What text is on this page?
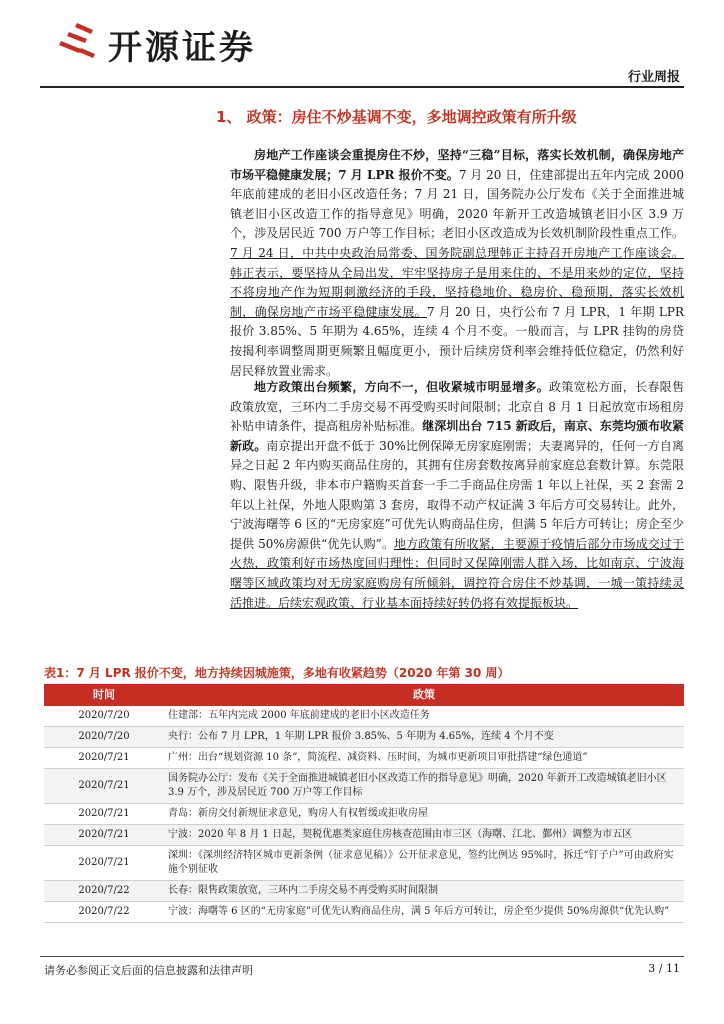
开源证券
行业周报
1、 政策：房住不炒基调不变，多地调控政策有所升级

房地产工作座谈会重提房住不炒，坚持“三稳”目标，落实长效机制，确保房地产市场平稳健康发展；7 月 LPR 报价不变。7 月 20 日，住建部提出五年内完成 2000 年底前建成的老旧小区改造任务；7 月 21 日，国务院办公厅发布《关于全面推进城镇老旧小区改造工作的指导意见》明确，2020 年新开工改造城镇老旧小区 3.9 万个，涉及居民近 700 万户等工作目标；老旧小区改造成为长效机制阶段性重点工作。7 月 24 日，中共中央政治局常委、国务院副总理韩正主持召开房地产工作座谈会。韩正表示，要坚持从全局出发，牢牢坚持房子是用来住的、不是用来炒的定位，坚持不将房地产作为短期刺激经济的手段，坚持稳地价、稳房价、稳预期，落实长效机制，确保房地产市场平稳健康发展。7 月 20 日，央行公布 7 月 LPR，1 年期 LPR 报价 3.85%、5 年期为 4.65%，连续 4 个月不变。一般而言，与 LPR 挂钩的房贷按揭利率调整周期更频繁且幅度更小，预计后续房贷利率会维持低位稳定，仍然利好居民释放置业需求。

地方政策出台频繁，方向不一，但收紧城市明显增多。政策宽松方面，长春限售政策放宽，三环内二手房交易不再受购买时间限制；北京自 8 月 1 日起放宽市场租房补贴申请条件，提高租房补贴标准。继深圳出台 715 新政后，南京、东莞均颁布收紧新政。南京提出开盘不低于 30%比例保障无房家庭刚需；夫妻离异的，任何一方自离异之日起 2 年内购买商品住房的，其拥有住房套数按离异前家庭总套数计算。东莞限购、限售升级，非本市户籍购买首套一手二手商品住房需 1 年以上社保，买 2 套需 2 年以上社保，外地人限购第 3 套房，取得不动产权证满 3 年后方可交易转让。此外，宁波海曙等 6 区的“无房家庭”可优先认购商品住房，但满 5 年后方可转让；房企至少提供 50%房源供“优先认购”。地方政策有所收紧，主要源于疫情后部分市场成交过于火热，政策利好市场热度回归理性；但同时又保障刚需人群入场，比如南京、宁波海曙等区域政策均对无房家庭购房有所倾斜，调控符合房住不炒基调，一城一策持续灵活推进。后续宏观政策、行业基本面持续好转仍将有效提振板块。

表1：7 月 LPR 报价不变，地方持续因城施策，多地有收紧趋势（2020 年第 30 周）
时间	政策
2020/7/20	住建部：五年内完成 2000 年底前建成的老旧小区改造任务
2020/7/20	央行：公布 7 月 LPR，1 年期 LPR 报价 3.85%、5 年期为 4.65%，连续 4 个月不变
2020/7/21	广州：出台“规划资源 10 条”，简流程、减资料、压时间，为城市更新项目审批搭建“绿色通道”
2020/7/21	国务院办公厅：发布《关于全面推进城镇老旧小区改造工作的指导意见》明确，2020 年新开工改造城镇老旧小区 3.9 万个，涉及居民近 700 万户等工作目标
2020/7/21	青岛：新房交付新规征求意见，购房人有权暂缓或拒收房屋
2020/7/21	宁波：2020 年 8 月 1 日起，契税优惠类家庭住房核查范围由市三区（海曙、江北、鄞州）调整为市五区
2020/7/21	深圳：《深圳经济特区城市更新条例（征求意见稿）》公开征求意见，签约比例达 95%时，拆迁“钉子户”可由政府实施个别征收
2020/7/22	长春：限售政策放宽，三环内二手房交易不再受购买时间限制
2020/7/22	宁波：海曙等 6 区的“无房家庭”可优先认购商品住房，满 5 年后方可转让，房企至少提供 50%房源供“优先认购”
请务必参阅正文后面的信息披露和法律声明	3 / 11
